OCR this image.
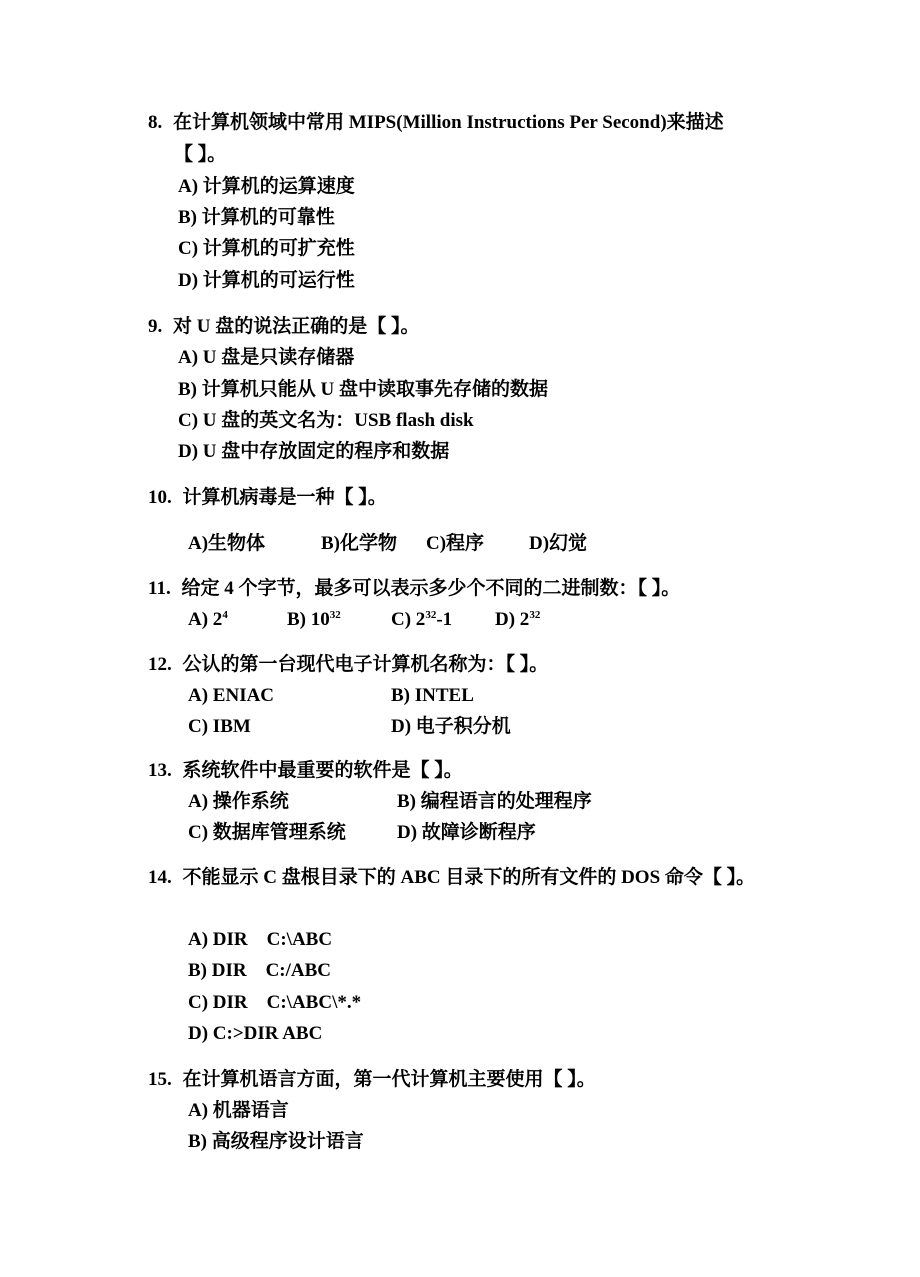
8. 在计算机领域中常用 MIPS(Million Instructions Per Second)来描述
【 】。
A) 计算机的运算速度
B) 计算机的可靠性
C) 计算机的可扩充性
D) 计算机的可运行性
9. 对 U 盘的说法正确的是【 】。
A) U 盘是只读存储器
B) 计算机只能从 U 盘中读取事先存储的数据
C) U 盘的英文名为：USB flash disk
D) U 盘中存放固定的程序和数据
10. 计算机病毒是一种【 】。
A)生物体	B)化学物 C)程序 D)幻觉
11. 给定 4 个字节，最多可以表示多少个不同的二进制数：【 】。
A) $2^4$	B) $10^{32}$	C) $2^{32}-1$ D) $2^{32}$
12. 公认的第一台现代电子计算机名称为：【 】。
A) ENIAC	B) INTEL
C) IBM	D) 电子积分机
13. 系统软件中最重要的软件是【 】。
A) 操作系统	B) 编程语言的处理程序
C) 数据库管理系统	D) 故障诊断程序
14. 不能显示 C 盘根目录下的 ABC 目录下的所有文件的 DOS 命令【 】。
A) DIR    C:\ABC
B) DIR    C:/ABC
C) DIR    C:\ABC\*.*
D) C:>DIR ABC
15. 在计算机语言方面，第一代计算机主要使用【 】。
A) 机器语言
B) 高级程序设计语言
